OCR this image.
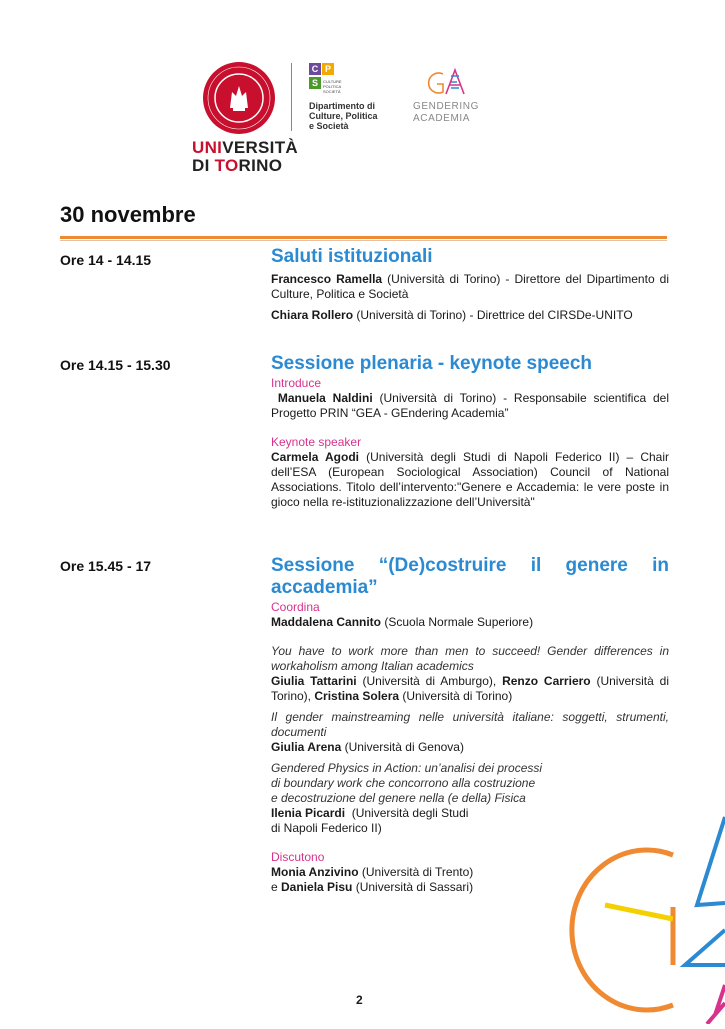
UNIVERSITÀ
DI TORINO
C P
S	CULTURE
POLITICA
SOCIETÀ
Dipartimento di
Culture, Politica
e Società
GENDERING
ACADEMIA
30 novembre
Ore 14 - 14.15	Saluti istituzionali

Francesco Ramella (Università di Torino) - Direttore del Dipartimento di Culture, Politica e Società

Chiara Rollero (Università di Torino) - Direttrice del CIRSDe-UNITO

Ore 14.15 - 15.30	Sessione plenaria - keynote speech

Introduce

Manuela Naldini (Università di Torino) - Responsabile scientifica del Progetto PRIN “GEA - GEndering Academia”

Keynote speaker

Carmela Agodi (Università degli Studi di Napoli Federico II) – Chair dell’ESA (European Sociological Association) Council of National Associations. Titolo dell’intervento:"Genere e Accademia: le vere poste in gioco nella re-istituzionalizzazione dell’Università"

Ore 15.45 - 17	Sessione “(De)costruire il genere in accademia”

Coordina

Maddalena Cannito (Scuola Normale Superiore)

You have to work more than men to succeed! Gender differences in workaholism among Italian academics

Giulia Tattarini (Università di Amburgo), Renzo Carriero (Università di Torino), Cristina Solera (Università di Torino)

Il gender mainstreaming nelle università italiane: soggetti, strumenti, documenti

Giulia Arena (Università di Genova)

Gendered Physics in Action: un’analisi dei processi
di boundary work che concorrono alla costruzione
e decostruzione del genere nella (e della) Fisica

Ilenia Picardi  (Università degli Studi
di Napoli Federico II)

Discutono

Monia Anzivino (Università di Trento)

e Daniela Pisu (Università di Sassari)

2
